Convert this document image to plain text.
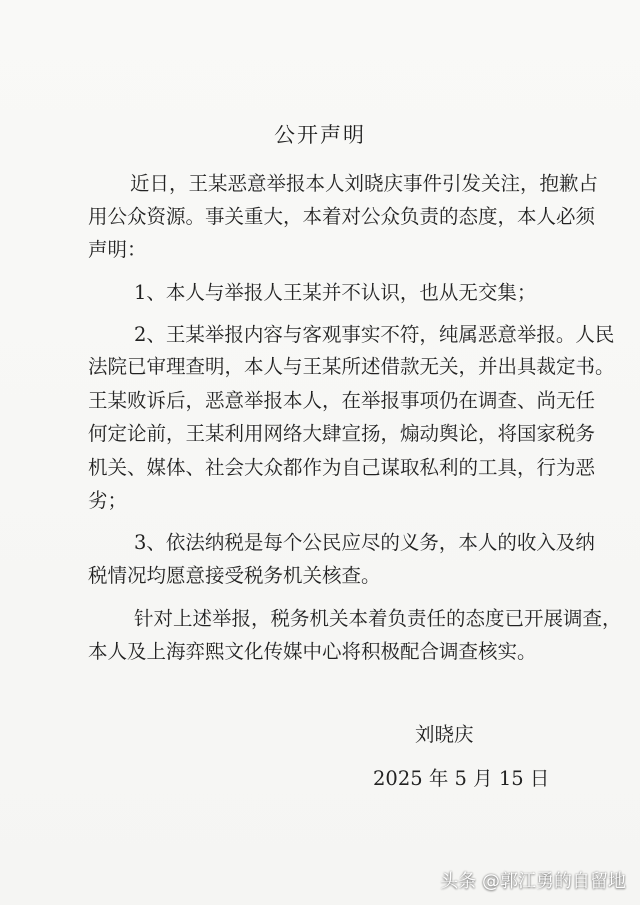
公开声明
近日，王某恶意举报本人刘晓庆事件引发关注，抱歉占
用公众资源。事关重大，本着对公众负责的态度，本人必须
声明：
1、本人与举报人王某并不认识，也从无交集；
2、王某举报内容与客观事实不符，纯属恶意举报。人民
法院已审理查明，本人与王某所述借款无关，并出具裁定书。
王某败诉后，恶意举报本人，在举报事项仍在调查、尚无任
何定论前，王某利用网络大肆宣扬，煽动舆论，将国家税务
机关、媒体、社会大众都作为自己谋取私利的工具，行为恶
劣；
3、依法纳税是每个公民应尽的义务，本人的收入及纳
税情况均愿意接受税务机关核查。
针对上述举报，税务机关本着负责任的态度已开展调查，
本人及上海弈熙文化传媒中心将积极配合调查核实。
刘晓庆
2025 年 5 月 15 日
头条 @郭江勇的自留地
